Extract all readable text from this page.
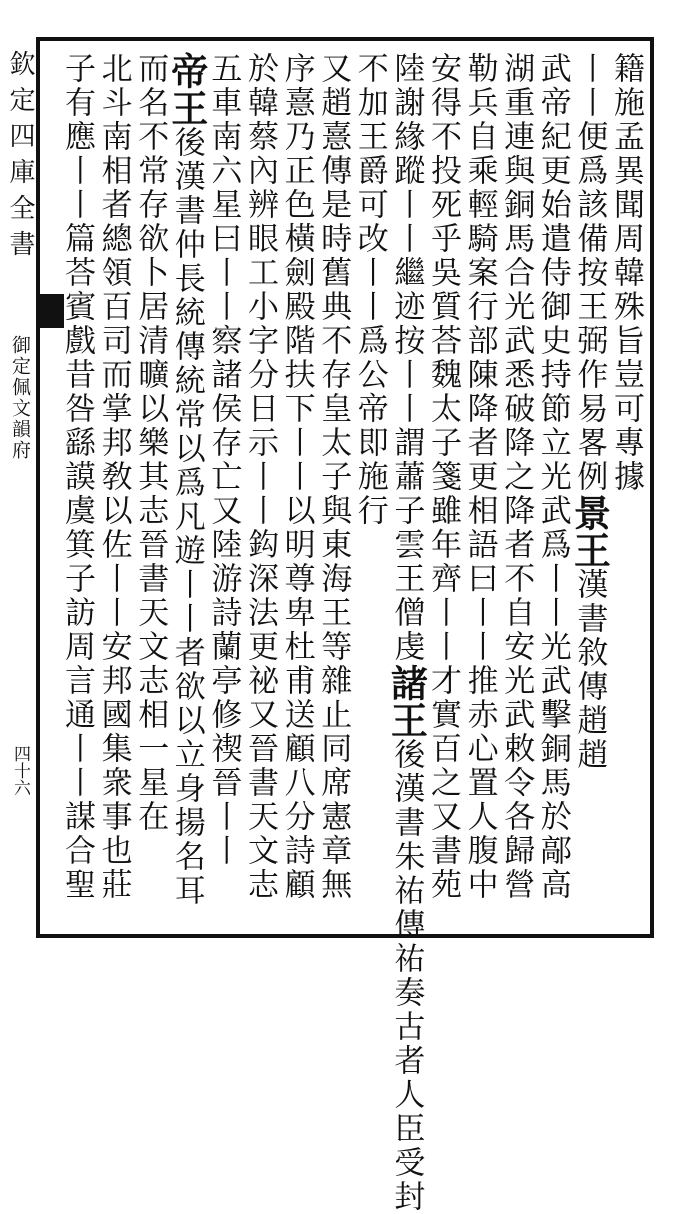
欽定四庫全書
御定佩文韻府
四十六
籍施孟異聞周韓殊旨豈可專據
丨丨便爲該備按王弼作易畧例景王漢書敘傳趙趙
武帝紀更始遣侍御史持節立光武爲丨丨光武擊銅馬於鄗高
湖重連與銅馬合光武悉破降之降者不自安光武敕令各歸營
勒兵自乘輕騎案行部陳降者更相語曰丨丨推赤心置人腹中
安得不投死乎吳質荅魏太子箋雖年齊丨丨才實百之又書苑
陸謝緣蹤丨丨繼迹按丨丨謂蕭子雲王僧虔諸王後漢書朱祐傳祐奏古者人臣受封
不加王爵可改丨丨爲公帝即施行
又趙憙傳是時舊典不存皇太子與東海王等雜止同席憲章無
序憙乃正色橫劍殿階扶下丨丨以明尊卑杜甫送顧八分詩顧
於韓蔡內辨眼工小字分日示丨丨鈎深法更祕又晉書天文志
五車南六星曰丨丨察諸侯存亡又陸游詩蘭亭修禊晉丨丨
帝王後漢書仲長統傳統常以爲凡遊丨丨者欲以立身揚名耳
而名不常存欲卜居清曠以樂其志晉書天文志相一星在
北斗南相者總領百司而掌邦敎以佐丨丨安邦國集衆事也莊
子有應丨丨篇荅賓戲昔咎繇謨虞箕子訪周言通丨丨謀合聖
